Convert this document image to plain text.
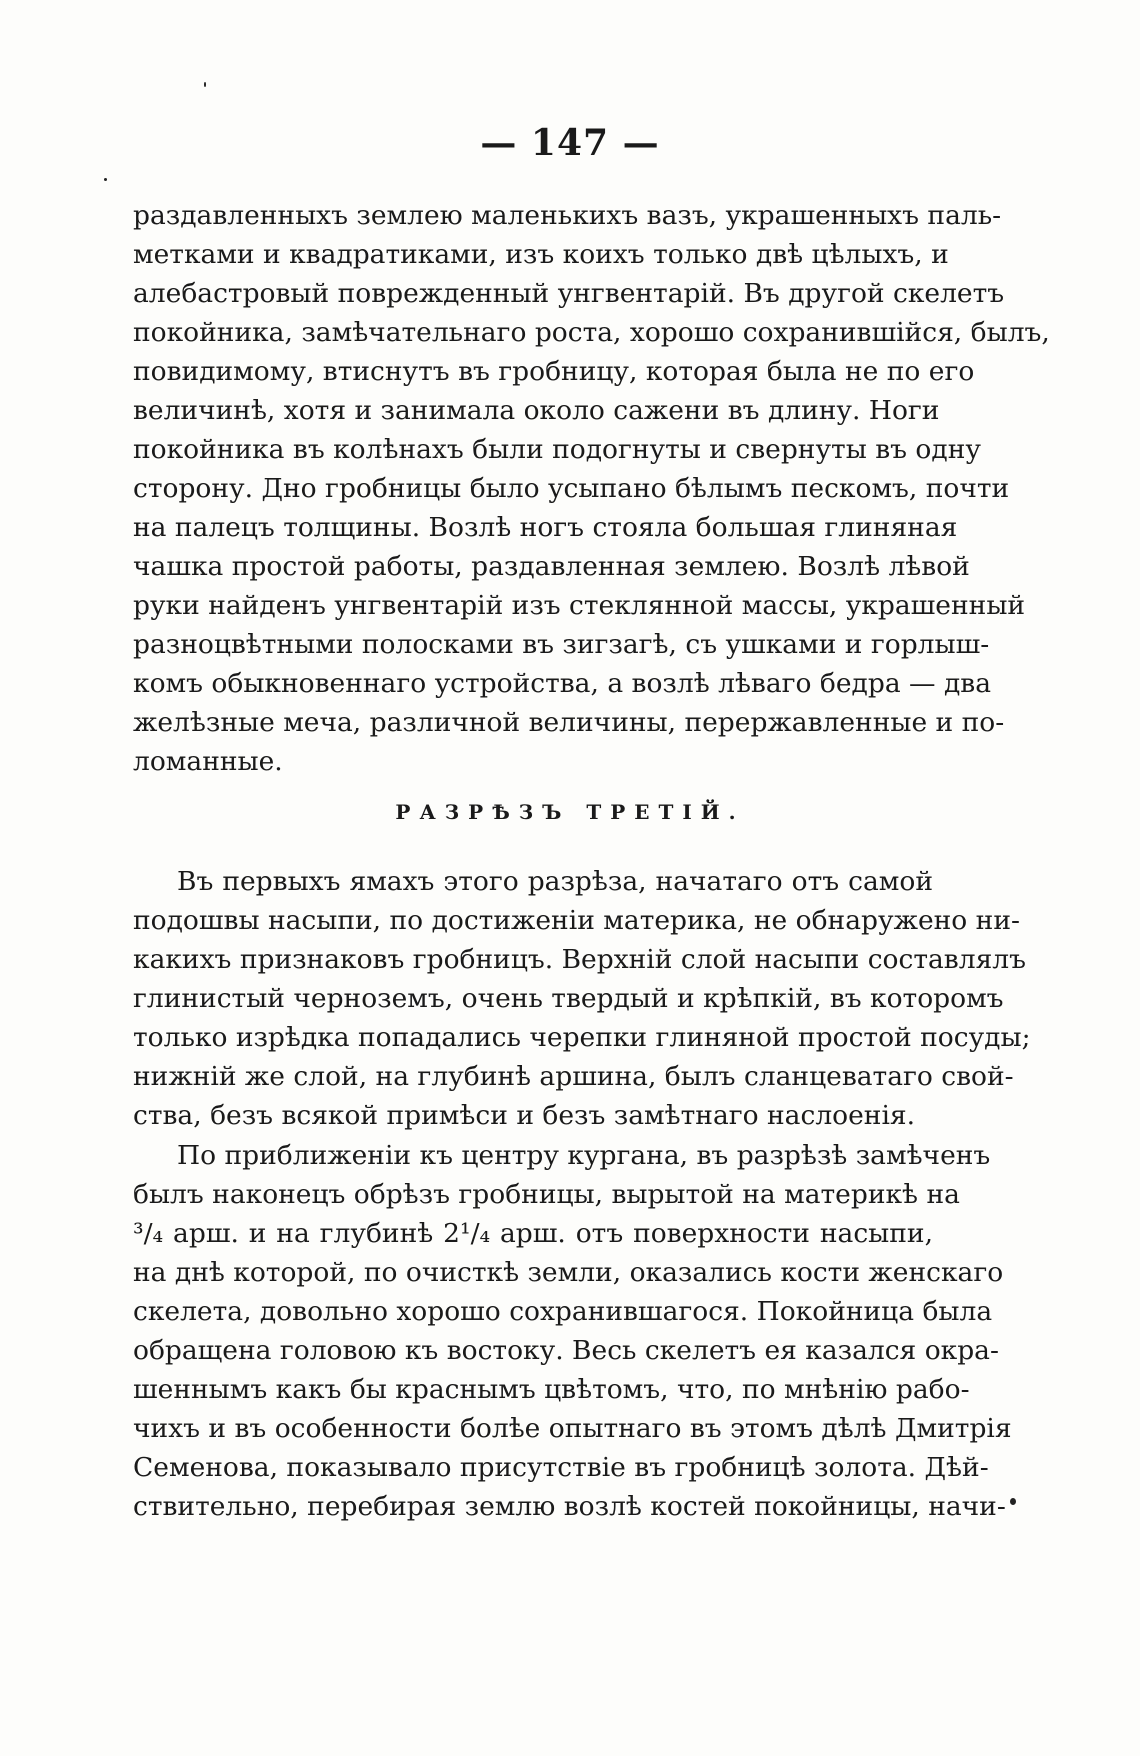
— 147 —
раздавленныхъ землею маленькихъ вазъ, украшенныхъ паль-
метками и квадратиками, изъ коихъ только двѣ цѣлыхъ, и
алебастровый поврежденный унгвентарій. Въ другой скелетъ
покойника, замѣчательнаго роста, хорошо сохранившійся, былъ,
повидимому, втиснутъ въ гробницу, которая была не по его
величинѣ, хотя и занимала около сажени въ длину. Ноги
покойника въ колѣнахъ были подогнуты и свернуты въ одну
сторону. Дно гробницы было усыпано бѣлымъ пескомъ, почти
на палецъ толщины. Возлѣ ногъ стояла большая глиняная
чашка простой работы, раздавленная землею. Возлѣ лѣвой
руки найденъ унгвентарій изъ стеклянной массы, украшенный
разноцвѣтными полосками въ зигзагѣ, съ ушками и горлыш-
комъ обыкновеннаго устройства, а возлѣ лѣваго бедра — два
желѣзные меча, различной величины, перержавленные и по-
ломанные.
РАЗРѢЗЪ ТРЕТІЙ.
Въ первыхъ ямахъ этого разрѣза, начатаго отъ самой
подошвы насыпи, по достиженіи материка, не обнаружено ни-
какихъ признаковъ гробницъ. Верхній слой насыпи составлялъ
глинистый черноземъ, очень твердый и крѣпкій, въ которомъ
только изрѣдка попадались черепки глиняной простой посуды;
нижній же слой, на глубинѣ аршина, былъ сланцеватаго свой-
ства, безъ всякой примѣси и безъ замѣтнаго наслоенія.
По приближеніи къ центру кургана, въ разрѣзѣ замѣченъ
былъ наконецъ обрѣзъ гробницы, вырытой на материкѣ на
³/₄ арш. и на глубинѣ 2¹/₄ арш. отъ поверхности насыпи,
на днѣ которой, по очисткѣ земли, оказались кости женскаго
скелета, довольно хорошо сохранившагося. Покойница была
обращена головою къ востоку. Весь скелетъ ея казался окра-
шеннымъ какъ бы краснымъ цвѣтомъ, что, по мнѣнію рабо-
чихъ и въ особенности болѣе опытнаго въ этомъ дѣлѣ Дмитрія
Семенова, показывало присутствіе въ гробницѣ золота. Дѣй-
ствительно, перебирая землю возлѣ костей покойницы, начи-
